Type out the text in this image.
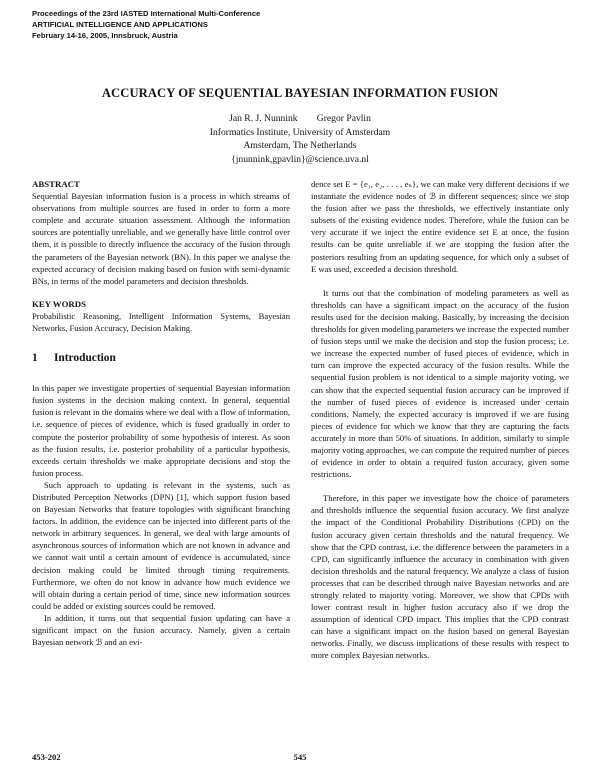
Proceedings of the 23rd IASTED International Multi-Conference
ARTIFICIAL INTELLIGENCE AND APPLICATIONS
February 14-16, 2005, Innsbruck, Austria
ACCURACY OF SEQUENTIAL BAYESIAN INFORMATION FUSION
Jan R. J. Nunnink        Gregor Pavlin
Informatics Institute, University of Amsterdam
Amsterdam, The Netherlands
{jnunnink,gpavlin}@science.uva.nl
ABSTRACT

Sequential Bayesian information fusion is a process in which streams of observations from multiple sources are fused in order to form a more complete and accurate situation assessment. Although the information sources are potentially unreliable, and we generally have little control over them, it is possible to directly influence the accuracy of the fusion through the parameters of the Bayesian network (BN). In this paper we analyse the expected accuracy of decision making based on fusion with semi-dynamic BNs, in terms of the model parameters and decision thresholds.

KEY WORDS

Probabilistic Reasoning, Intelligent Information Systems, Bayesian Networks, Fusion Accuracy, Decision Making.

1 Introduction

In this paper we investigate properties of sequential Bayesian information fusion systems in the decision making context. In general, sequential fusion is relevant in the domains where we deal with a flow of information, i.e. sequence of pieces of evidence, which is fused gradually in order to compute the posterior probability of some hypothesis of interest. As soon as the fusion results, i.e. posterior probability of a particular hypothesis, exceeds certain thresholds we make appropriate decisions and stop the fusion process.

Such approach to updating is relevant in the systems, such as Distributed Perception Networks (DPN) [1], which support fusion based on Bayesian Networks that feature topologies with significant branching factors. In addition, the evidence can be injected into different parts of the network in arbitrary sequences. In general, we deal with large amounts of asynchronous sources of information which are not known in advance and we cannot wait until a certain amount of evidence is accumulated, since decision making could be limited through timing requirements. Furthermore, we often do not know in advance how much evidence we will obtain during a certain period of time, since new information sources could be added or existing sources could be removed.

In addition, it turns out that sequential fusion updating can have a significant impact on the fusion accuracy. Namely, given a certain Bayesian network ℬ and an evi-

dence set E = {e₁, e₂, . . . , eₙ}, we can make very different decisions if we instantiate the evidence nodes of ℬ in different sequences; since we stop the fusion after we pass the thresholds, we effectively instantiate only subsets of the existing evidence nodes. Therefore, while the fusion can be very accurate if we inject the entire evidence set E at once, the fusion results can be quite unreliable if we are stopping the fusion after the posteriors resulting from an updating sequence, for which only a subset of E was used, exceeded a decision threshold.

It turns out that the combination of modeling parameters as well as thresholds can have a significant impact on the accuracy of the fusion results used for the decision making. Basically, by increasing the decision thresholds for given modeling parameters we increase the expected number of fusion steps until we make the decision and stop the fusion process; i.e. we increase the expected number of fused pieces of evidence, which in turn can improve the expected accuracy of the fusion results. While the sequential fusion problem is not identical to a simple majority voting, we can show that the expected sequential fusion accuracy can be improved if the number of fused pieces of evidence is increased under certain conditions. Namely, the expected accuracy is improved if we are fusing pieces of evidence for which we know that they are capturing the facts accurately in more than 50% of situations. In addition, similarly to simple majority voting approaches, we can compute the required number of pieces of evidence in order to obtain a required fusion accuracy, given some restrictions.

Therefore, in this paper we investigate how the choice of parameters and thresholds influence the sequential fusion accuracy. We first analyze the impact of the Conditional Probability Distributions (CPD) on the fusion accuracy given certain thresholds and the natural frequency. We show that the CPD contrast, i.e. the difference between the parameters in a CPD, can significantly influence the accuracy in combination with given decision thresholds and the natural frequency. We analyze a class of fusion processes that can be described through naive Bayesian networks and are strongly related to majority voting. Moreover, we show that CPDs with lower contrast result in higher fusion accuracy also if we drop the assumption of identical CPD impact. This implies that the CPD contrast can have a significant impact on the fusion based on general Bayesian networks. Finally, we discuss implications of these results with respect to more complex Bayesian networks.

453-202	545
